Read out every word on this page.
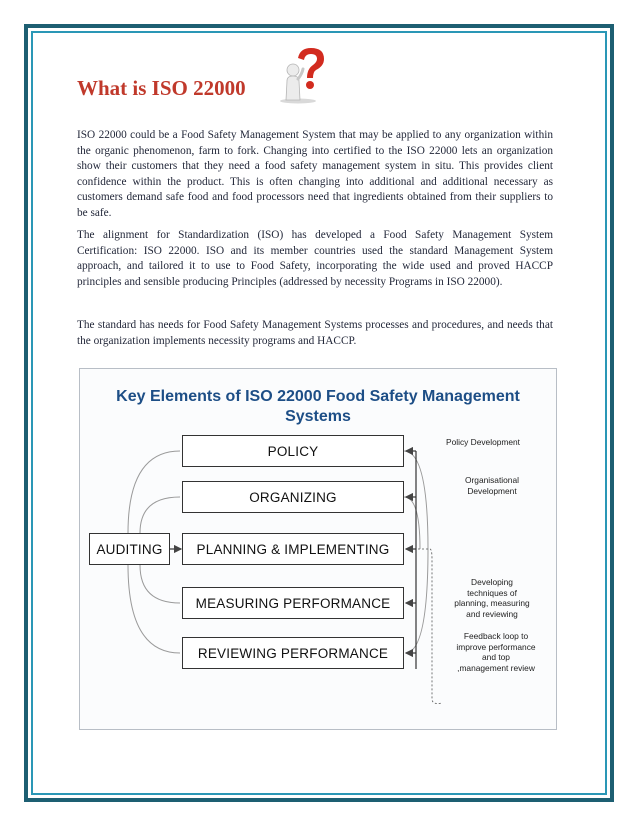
What is ISO 22000

ISO 22000 could be a Food Safety Management System that may be applied to any organization within the organic phenomenon, farm to fork. Changing into certified to the ISO 22000 lets an organization show their customers that they need a food safety management system in situ. This provides client confidence within the product. This is often changing into additional and additional necessary as customers demand safe food and food processors need that ingredients obtained from their suppliers to be safe.

The alignment for Standardization (ISO) has developed a Food Safety Management System Certification: ISO 22000. ISO and its member countries used the standard Management System approach, and tailored it to use to Food Safety, incorporating the wide used and proved HACCP principles and sensible producing Principles (addressed by necessity Programs in ISO 22000).

The standard has needs for Food Safety Management Systems processes and procedures, and needs that the organization implements necessity programs and HACCP.

Key Elements of ISO 22000 Food Safety Management
Systems
POLICY
ORGANIZING
PLANNING & IMPLEMENTING
MEASURING PERFORMANCE
REVIEWING PERFORMANCE
AUDITING
Policy Development
Organisational
Development
Developing
techniques of
planning, measuring
and reviewing
Feedback loop to
improve performance
and top
,management review
